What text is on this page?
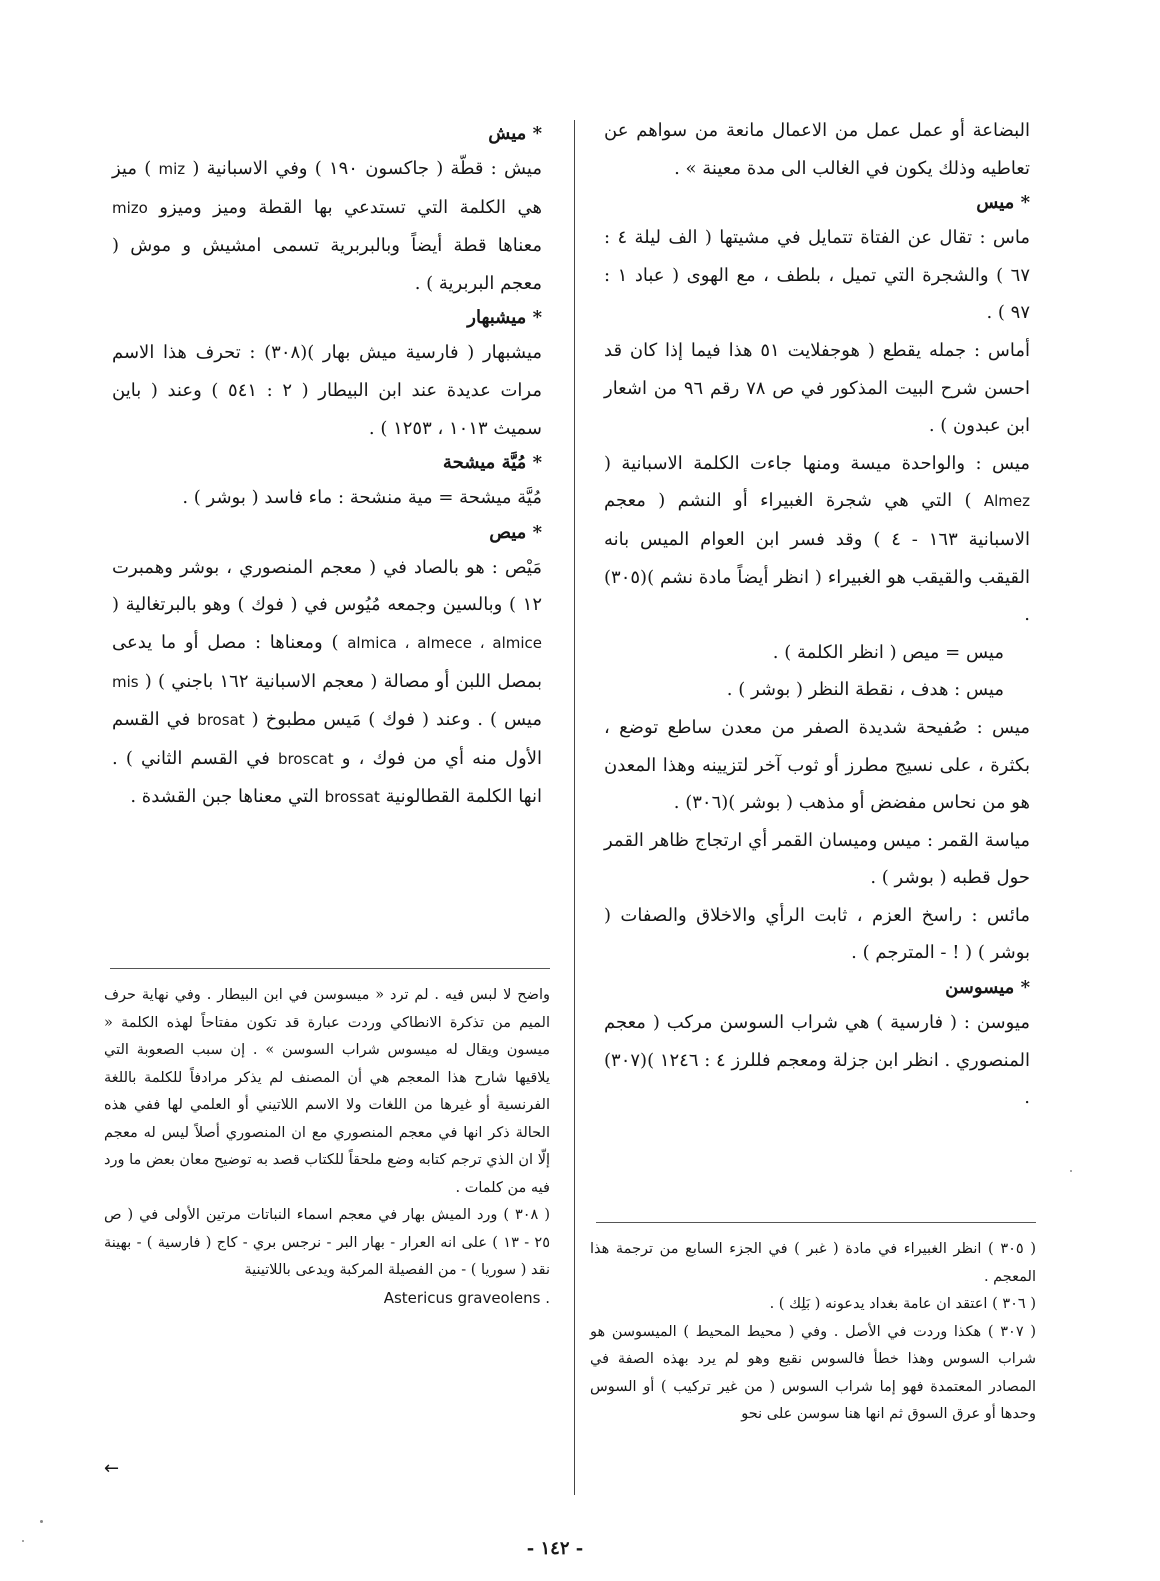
البضاعة أو عمل عمل من الاعمال مانعة من سواهم عن تعاطيه وذلك يكون في الغالب الى مدة معينة » .

* ميس

ماس : تقال عن الفتاة تتمايل في مشيتها ( الف ليلة ٤ : ٦٧ ) والشجرة التي تميل ، بلطف ، مع الهوى ( عباد ١ : ٩٧ ) .

أماس : جمله يقطع ( هوجفلايت ٥١ هذا فيما إذا كان قد احسن شرح البيت المذكور في ص ٧٨ رقم ٩٦ من اشعار ابن عبدون ) .

ميس : والواحدة ميسة ومنها جاءت الكلمة الاسبانية ( Almez ) التي هي شجرة الغبيراء أو النشم ( معجم الاسبانية ١٦٣ - ٤ ) وقد فسر ابن العوام الميس بانه القيقب والقيقب هو الغبيراء ( انظر أيضاً مادة نشم )(٣٠٥) .

ميس = ميص ( انظر الكلمة ) .

ميس : هدف ، نقطة النظر ( بوشر ) .

ميس : صُفيحة شديدة الصفر من معدن ساطع توضع ، بكثرة ، على نسيج مطرز أو ثوب آخر لتزيينه وهذا المعدن هو من نحاس مفضض أو مذهب ( بوشر )(٣٠٦) .

مياسة القمر : ميس وميسان القمر أي ارتجاج ظاهر القمر حول قطبه ( بوشر ) .

مائس : راسخ العزم ، ثابت الرأي والاخلاق والصفات ( بوشر ) ( ! - المترجم ) .

* ميسوسن

ميوسن : ( فارسية ) هي شراب السوسن مركب ( معجم المنصوري . انظر ابن جزلة ومعجم فللرز ٤ : ١٢٤٦ )(٣٠٧) .

* ميش

ميش : قطّة ( جاكسون ١٩٠ ) وفي الاسبانية ( miz ) ميز هي الكلمة التي تستدعي بها القطة وميز وميزو mizo معناها قطة أيضاً وبالبربرية تسمى امشيش و موش ( معجم البربرية ) .

* ميشبهار

ميشبهار ( فارسية ميش بهار )(٣٠٨) : تحرف هذا الاسم مرات عديدة عند ابن البيطار ( ٢ : ٥٤١ ) وعند ( باين سميث ١٠١٣ ، ١٢٥٣ ) .

* مُيَّة ميشحة

مُيَّة ميشحة = مية منشحة : ماء فاسد ( بوشر ) .

* ميص

مَيْص : هو بالصاد في ( معجم المنصوري ، بوشر وهمبرت ١٢ ) وبالسين وجمعه مُيُوس في ( فوك ) وهو بالبرتغالية ( almica ، almece ، almice ) ومعناها : مصل أو ما يدعى بمصل اللبن أو مصالة ( معجم الاسبانية ١٦٢ باجني ) ( mis ميس ) . وعند ( فوك ) مَيس مطبوخ ( brosat في القسم الأول منه أي من فوك ، و broscat في القسم الثاني ) . انها الكلمة القطالونية brossat التي معناها جبن القشدة .

واضح لا لبس فيه . لم ترد « ميسوسن في ابن البيطار . وفي نهاية حرف الميم من تذكرة الانطاكي وردت عبارة قد تكون مفتاحاً لهذه الكلمة « ميسون ويقال له ميسوس شراب السوسن » . إن سبب الصعوبة التي يلاقيها شارح هذا المعجم هي أن المصنف لم يذكر مرادفاً للكلمة باللغة الفرنسية أو غيرها من اللغات ولا الاسم اللاتيني أو العلمي لها ففي هذه الحالة ذكر انها في معجم المنصوري مع ان المنصوري أصلاً ليس له معجم إلّا ان الذي ترجم كتابه وضع ملحقاً للكتاب قصد به توضيح معان بعض ما ورد فيه من كلمات .

( ٣٠٨ ) ورد الميش بهار في معجم اسماء النباتات مرتين الأولى في ( ص ٢٥ - ١٣ ) على انه العرار - بهار البر - نرجس بري - كاج ( فارسية ) - بهينة نقد ( سوريا ) - من الفصيلة المركبة ويدعى باللاتينية

Astericus graveolens .

←

( ٣٠٥ ) انظر الغبيراء في مادة ( غبر ) في الجزء السابع من ترجمة هذا المعجم .

( ٣٠٦ ) اعتقد ان عامة بغداد يدعونه ( بَلِك ) .

( ٣٠٧ ) هكذا وردت في الأصل . وفي ( محيط المحيط ) الميسوسن هو شراب السوس وهذا خطأ فالسوس نقيع وهو لم يرد بهذه الصفة في المصادر المعتمدة فهو إما شراب السوس ( من غير تركيب ) أو السوس وحدها أو عرق السوق ثم انها هنا سوسن على نحو

- ١٤٢ -
